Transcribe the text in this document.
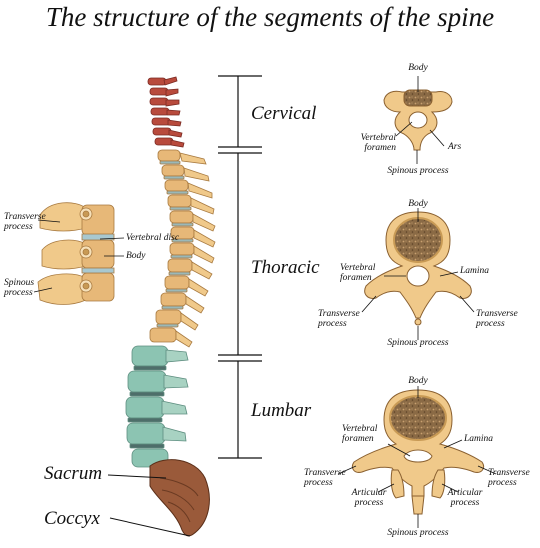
The structure of the segments of the spine
Cervical
Thoracic
Lumbar
Sacrum
Coccyx
Transverse
process
Vertebral disc
Body
Spinous
process
Body
Vertebral
foramen	Ars
Spinous process
Body
Vertebral
foramen
Lamina
Transverse
process
Transverse
process
Spinous process
Body
Vertebral
foramen	Lamina
Transverse
process
Transverse
process
Articular
process
Articular
process
Spinous process
